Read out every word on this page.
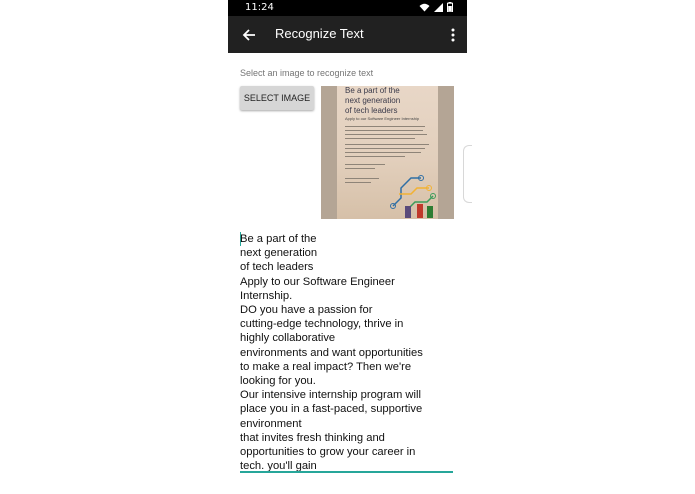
11:24
Recognize Text
Select an image to recognize text
SELECT IMAGE
Be a part of the
next generation
of tech leaders
Apply to our Software Engineer Internship
Be a part of the
next generation
of tech leaders
Apply to our Software Engineer
Internship.
DO you have a passion for
cutting-edge technology, thrive in
highly collaborative
environments and want opportunities
to make a real impact? Then we're
looking for you.
Our intensive internship program will
place you in a fast-paced, supportive
environment
that invites fresh thinking and
opportunities to grow your career in
tech. you'll gain
